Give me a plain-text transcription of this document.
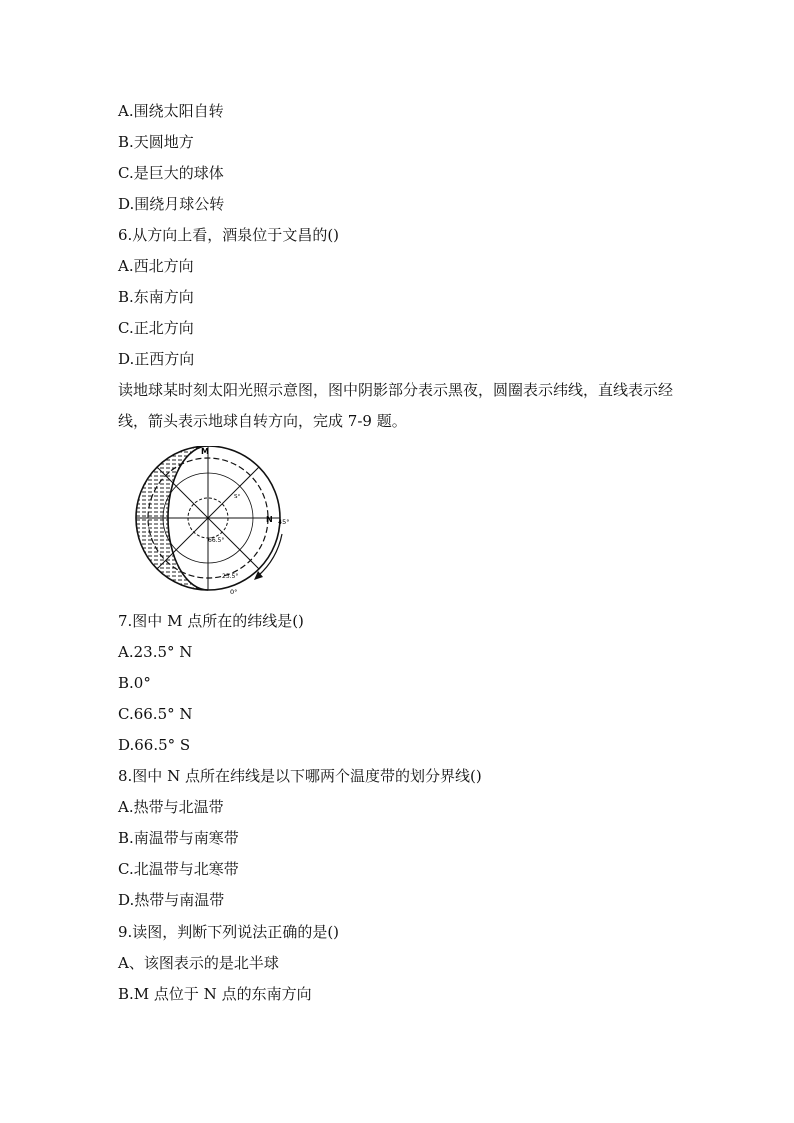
A.围绕太阳自转
B.天圆地方
C.是巨大的球体
D.围绕月球公转
6.从方向上看，酒泉位于文昌的()
A.西北方向
B.东南方向
C.正北方向
D.正西方向
读地球某时刻太阳光照示意图，图中阴影部分表示黑夜，圆圈表示纬线，直线表示经线，箭头表示地球自转方向，完成 7-9 题。
M
N 45°
0°
66.5°
23.5°
S°
7.图中 M 点所在的纬线是()
A.23.5° N
B.0°
C.66.5° N
D.66.5° S
8.图中 N 点所在纬线是以下哪两个温度带的划分界线()
A.热带与北温带
B.南温带与南寒带
C.北温带与北寒带
D.热带与南温带
9.读图，判断下列说法正确的是()
A、该图表示的是北半球
B.M 点位于 N 点的东南方向
